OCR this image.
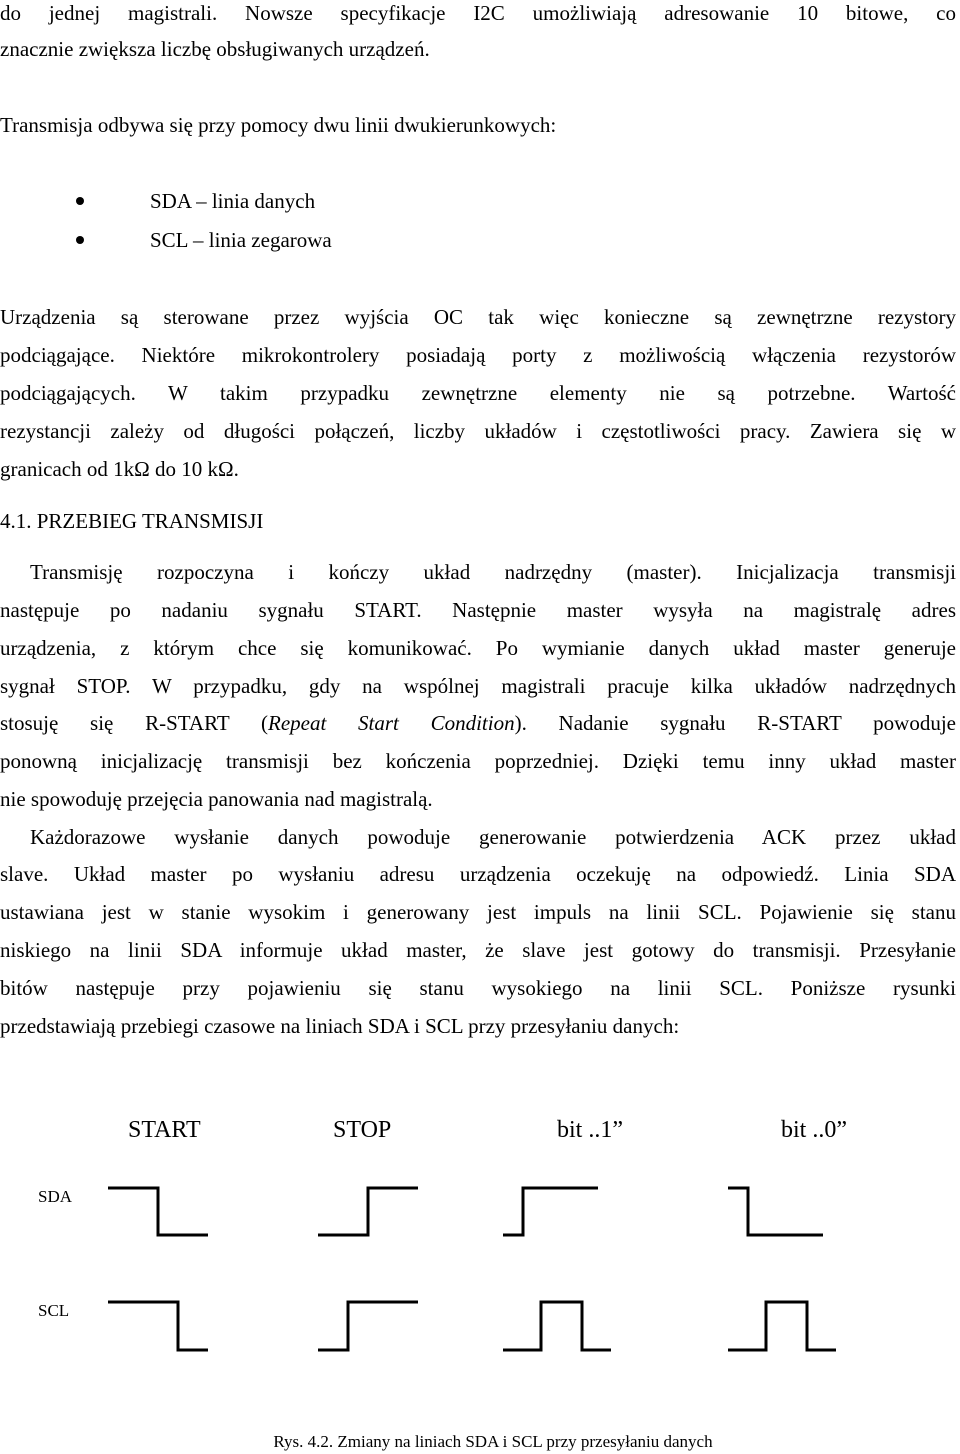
do jednej magistrali. Nowsze specyfikacje I2C umożliwiają adresowanie 10 bitowe, co
znacznie zwiększa liczbę obsługiwanych urządzeń.
Transmisja odbywa się przy pomocy dwu linii dwukierunkowych:
SDA – linia danych
SCL – linia zegarowa
Urządzenia są sterowane przez wyjścia OC tak więc konieczne są zewnętrzne rezystory
podciągające. Niektóre mikrokontrolery posiadają porty z możliwością włączenia rezystorów
podciągających. W takim przypadku zewnętrzne elementy nie są potrzebne. Wartość
rezystancji zależy od długości połączeń, liczby układów i częstotliwości pracy. Zawiera się w
granicach od 1kΩ do 10 kΩ.
4.1. PRZEBIEG TRANSMISJI
Transmisję rozpoczyna i kończy układ nadrzędny (master). Inicjalizacja transmisji
następuje po nadaniu sygnału START. Następnie master wysyła na magistralę adres
urządzenia, z którym chce się komunikować. Po wymianie danych układ master generuje
sygnał STOP. W przypadku, gdy na wspólnej magistrali pracuje kilka układów nadrzędnych
stosuję się R-START (Repeat Start Condition). Nadanie sygnału R-START powoduje
ponowną inicjalizację transmisji bez kończenia poprzedniej. Dzięki temu inny układ master
nie spowoduję przejęcia panowania nad magistralą.
Każdorazowe wysłanie danych powoduje generowanie potwierdzenia ACK przez układ
slave. Układ master po wysłaniu adresu urządzenia oczekuję na odpowiedź. Linia SDA
ustawiana jest w stanie wysokim i generowany jest impuls na linii SCL. Pojawienie się stanu
niskiego na linii SDA informuje układ master, że slave jest gotowy do transmisji. Przesyłanie
bitów następuje przy pojawieniu się stanu wysokiego na linii SCL. Poniższe rysunki
przedstawiają przebiegi czasowe na liniach SDA i SCL przy przesyłaniu danych:
START	STOP	bit ..1”	bit ..0”
SDA
SCL
Rys. 4.2. Zmiany na liniach SDA i SCL przy przesyłaniu danych
